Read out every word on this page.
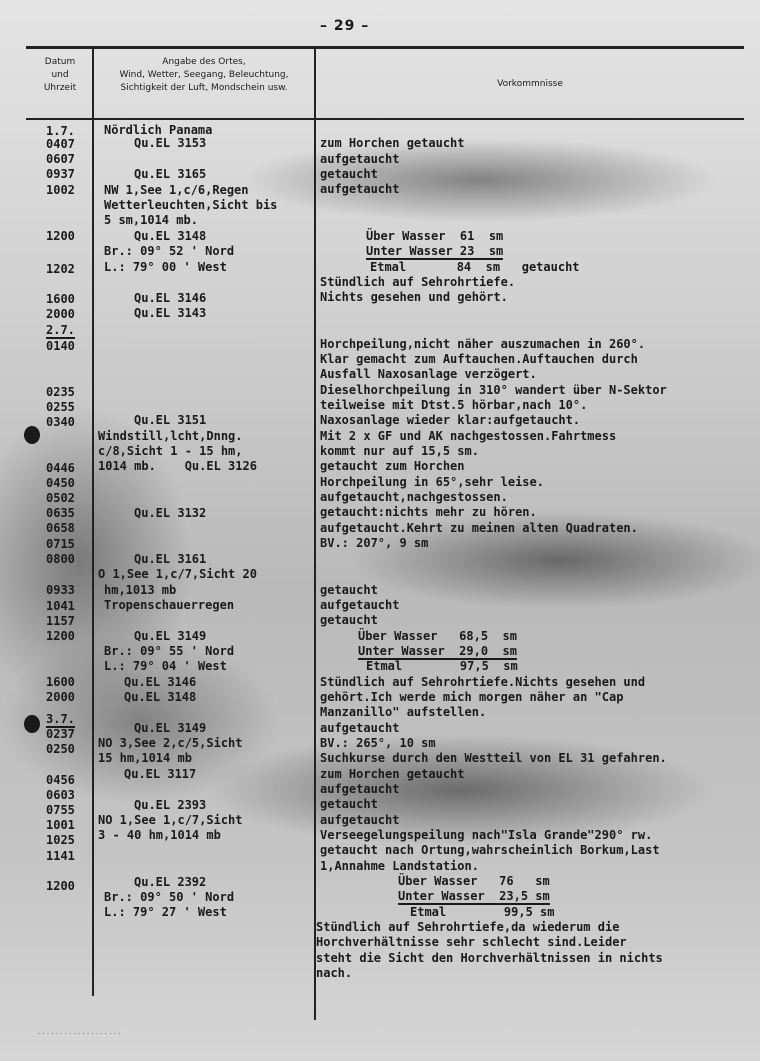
– 29 –
Datum
und
Uhrzeit
Angabe des Ortes,
Wind, Wetter, Seegang, Beleuchtung,
Sichtigkeit der Luft, Mondschein usw.	Vorkommnisse
1.7.
0407
0607
0937
1002
1200
1202
1600
2000
2.7.
0140
0235
0255
0340
0446
0450
0502
0635
0658
0715
0800
0933
1041
1157
1200
1600
2000
3.7.
0237
0250
0456
0603
0755
1001
1025
1141
1200
Nördlich Panama
Qu.EL 3153
Qu.EL 3165
NW 1,See 1,c/6,Regen
Wetterleuchten,Sicht bis
5 sm,1014 mb.
Qu.EL 3148
Br.: 09° 52 ' Nord
L.: 79° 00 ' West
Qu.EL 3146
Qu.EL 3143
Qu.EL 3151
Windstill,lcht,Dnng.
c/8,Sicht 1 - 15 hm,
1014 mb.    Qu.EL 3126
Qu.EL 3132
Qu.EL 3161
O 1,See 1,c/7,Sicht 20
hm,1013 mb
Tropenschauerregen
Qu.EL 3149
Br.: 09° 55 ' Nord
L.: 79° 04 ' West
Qu.EL 3146
Qu.EL 3148
Qu.EL 3149
NO 3,See 2,c/5,Sicht
15 hm,1014 mb
Qu.EL 3117
Qu.EL 2393
NO 1,See 1,c/7,Sicht
3 - 40 hm,1014 mb
Qu.EL 2392
Br.: 09° 50 ' Nord
L.: 79° 27 ' West
zum Horchen getaucht
aufgetaucht
getaucht
aufgetaucht
Über Wasser  61  sm
Unter Wasser 23  sm
Etmal       84  sm   getaucht
Stündlich auf Sehrohrtiefe.
Nichts gesehen und gehört.
Horchpeilung,nicht näher auszumachen in 260°.
Klar gemacht zum Auftauchen.Auftauchen durch
Ausfall Naxosanlage verzögert.
Dieselhorchpeilung in 310° wandert über N-Sektor
teilweise mit Dtst.5 hörbar,nach 10°.
Naxosanlage wieder klar:aufgetaucht.
Mit 2 x GF und AK nachgestossen.Fahrtmess
kommt nur auf 15,5 sm.
getaucht zum Horchen
Horchpeilung in 65°,sehr leise.
aufgetaucht,nachgestossen.
getaucht:nichts mehr zu hören.
aufgetaucht.Kehrt zu meinen alten Quadraten.
BV.: 207°, 9 sm
getaucht
aufgetaucht
getaucht
Über Wasser   68,5  sm
Unter Wasser  29,0  sm
Etmal        97,5  sm
Stündlich auf Sehrohrtiefe.Nichts gesehen und
gehört.Ich werde mich morgen näher an "Cap
Manzanillo" aufstellen.
aufgetaucht
BV.: 265°, 10 sm
Suchkurse durch den Westteil von EL 31 gefahren.
zum Horchen getaucht
aufgetaucht
getaucht
aufgetaucht
Verseegelungspeilung nach"Isla Grande"290° rw.
getaucht nach Ortung,wahrscheinlich Borkum,Last
1,Annahme Landstation.
Über Wasser   76   sm
Unter Wasser  23,5 sm
Etmal        99,5 sm
Stündlich auf Sehrohrtiefe,da wiederum die
Horchverhältnisse sehr schlecht sind.Leider
steht die Sicht den Horchverhältnissen in nichts
nach.
· · · · · · · · · · · · · · · · · · ·
